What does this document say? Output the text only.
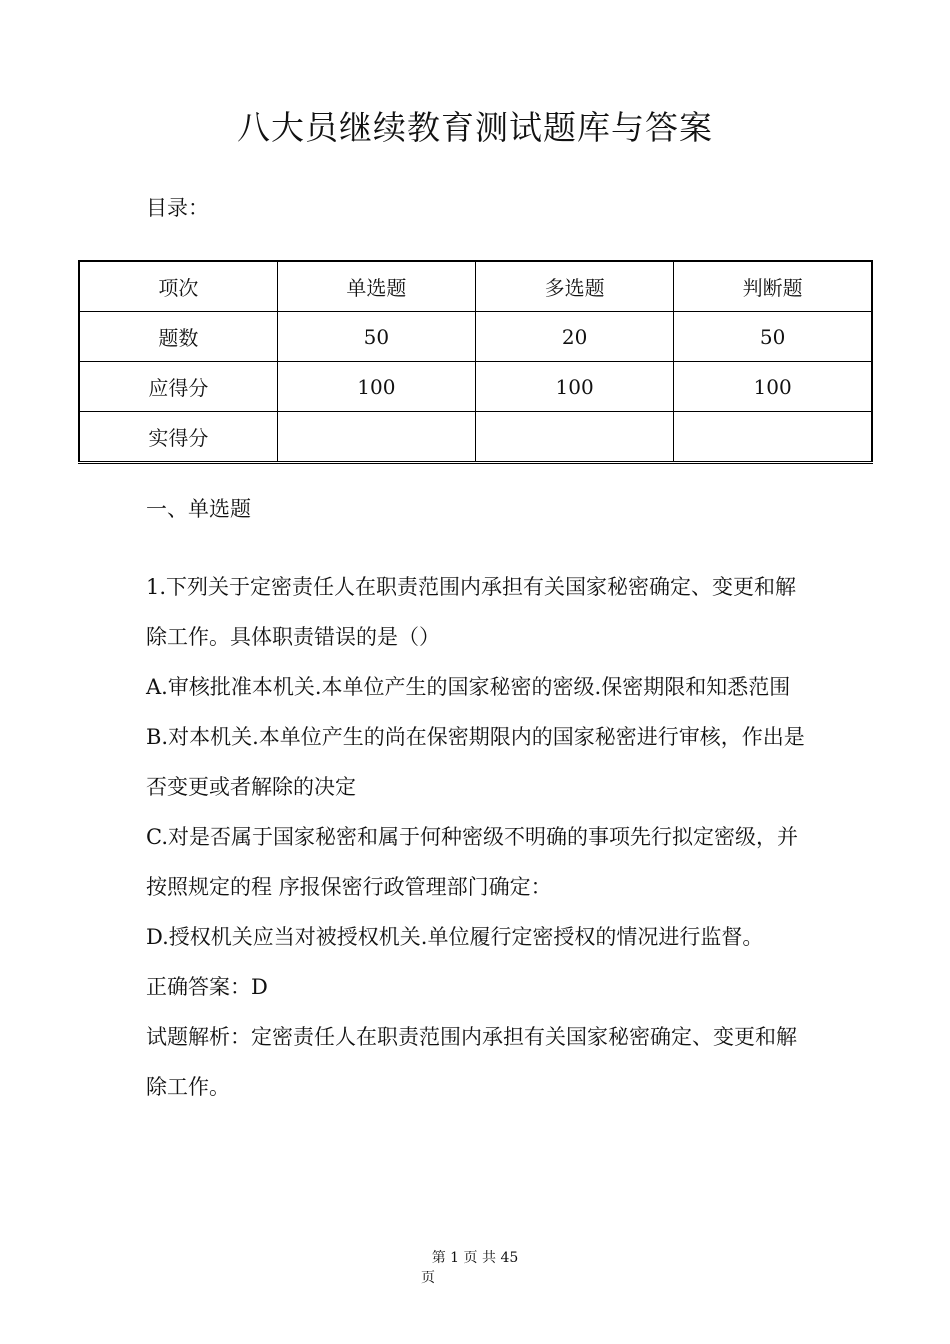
八大员继续教育测试题库与答案
目录：
项次	单选题	多选题	判断题
题数	50	20	50
应得分	100	100	100
实得分			
一、单选题

1.下列关于定密责任人在职责范围内承担有关国家秘密确定、变更和解除工作。具体职责错误的是（）

A.审核批准本机关.本单位产生的国家秘密的密级.保密期限和知悉范围

B.对本机关.本单位产生的尚在保密期限内的国家秘密进行审核，作出是否变更或者解除的决定

C.对是否属于国家秘密和属于何种密级不明确的事项先行拟定密级，并按照规定的程 序报保密行政管理部门确定：

D.授权机关应当对被授权机关.单位履行定密授权的情况进行监督。

正确答案：D

试题解析：定密责任人在职责范围内承担有关国家秘密确定、变更和解除工作。

第 1 页 共 45
页
